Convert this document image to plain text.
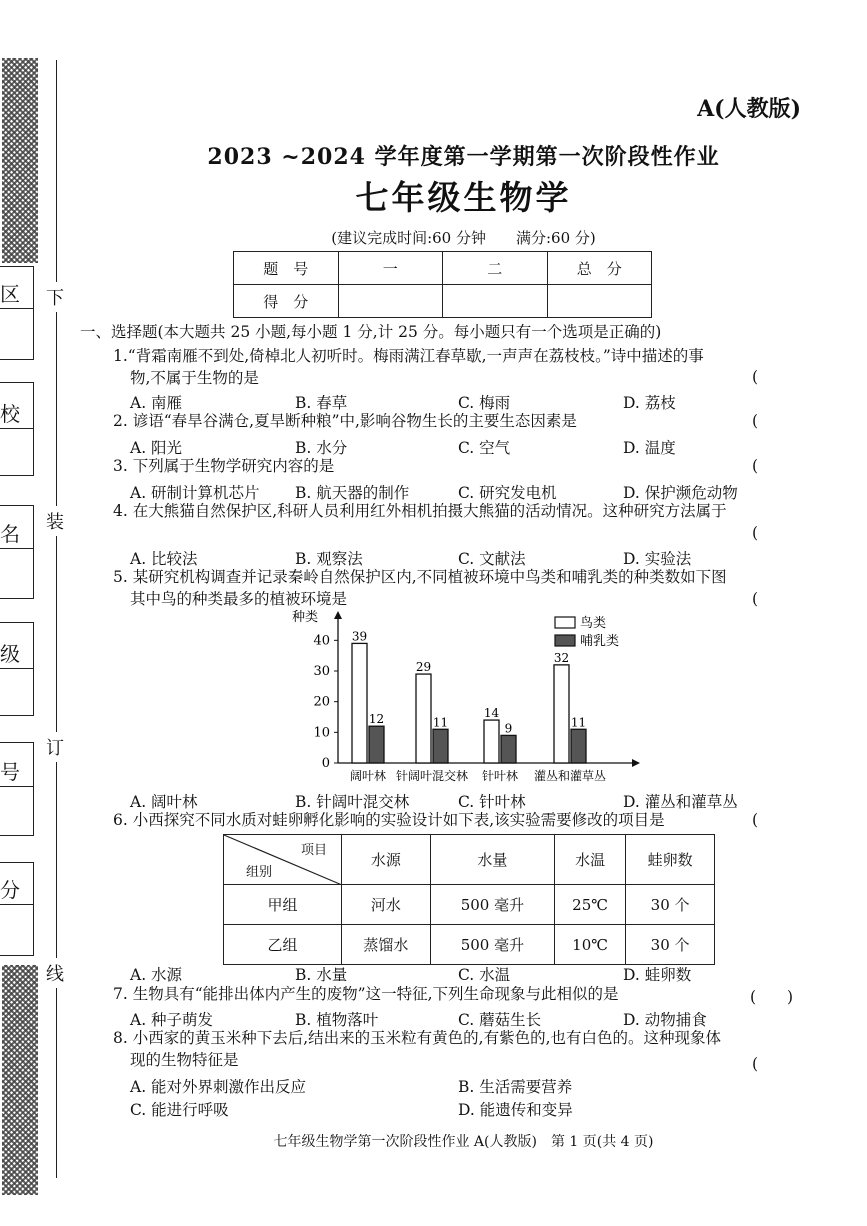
区
校
名
级
号
分
下
装
订
线
A(人教版)
2023 ~2024 学年度第一学期第一次阶段性作业
七年级生物学
(建议完成时间:60 分钟　　满分:60 分)
题　号	一	二	总　分
得　分			
一、选择题(本大题共 25 小题,每小题 1 分,计 25 分。每小题只有一个选项是正确的)
1.“背霜南雁不到处,倚棹北人初听时。梅雨满江春草歇,一声声在荔枝枝。”诗中描述的事
物,不属于生物的是	(
A. 南雁	B. 春草	C. 梅雨	D. 荔枝
2. 谚语“春旱谷满仓,夏旱断种粮”中,影响谷物生长的主要生态因素是	(
A. 阳光	B. 水分	C. 空气	D. 温度
3. 下列属于生物学研究内容的是	(
A. 研制计算机芯片 B. 航天器的制作	C. 研究发电机	D. 保护濒危动物
4. 在大熊猫自然保护区,科研人员利用红外相机拍摄大熊猫的活动情况。这种研究方法属于
(
A. 比较法	B. 观察法	C. 文献法	D. 实验法
5. 某研究机构调查并记录秦岭自然保护区内,不同植被环境中鸟类和哺乳类的种类数如下图
其中鸟的种类最多的植被环境是	(
种类
0
10
20
30
40 39
12
阔叶林
29
11
针阔叶混交林
14
9
针叶林
32
11
灌丛和灌草丛
鸟类
哺乳类
A. 阔叶林	B. 针阔叶混交林	C. 针叶林	D. 灌丛和灌草丛
6. 小西探究不同水质对蛙卵孵化影响的实验设计如下表,该实验需要修改的项目是	(
项目
组别	水源	水量	水温	蛙卵数
甲组	河水	500 毫升	25℃	30 个
乙组	蒸馏水	500 毫升	10℃	30 个
A. 水源	B. 水量	C. 水温	D. 蛙卵数
7. 生物具有“能排出体内产生的废物”这一特征,下列生命现象与此相似的是	(　　)
A. 种子萌发	B. 植物落叶	C. 蘑菇生长	D. 动物捕食
8. 小西家的黄玉米种下去后,结出来的玉米粒有黄色的,有紫色的,也有白色的。这种现象体
现的生物特征是	(
A. 能对外界刺激作出反应	B. 生活需要营养
C. 能进行呼吸	D. 能遗传和变异
七年级生物学第一次阶段性作业 A(人教版)　第 1 页(共 4 页)
